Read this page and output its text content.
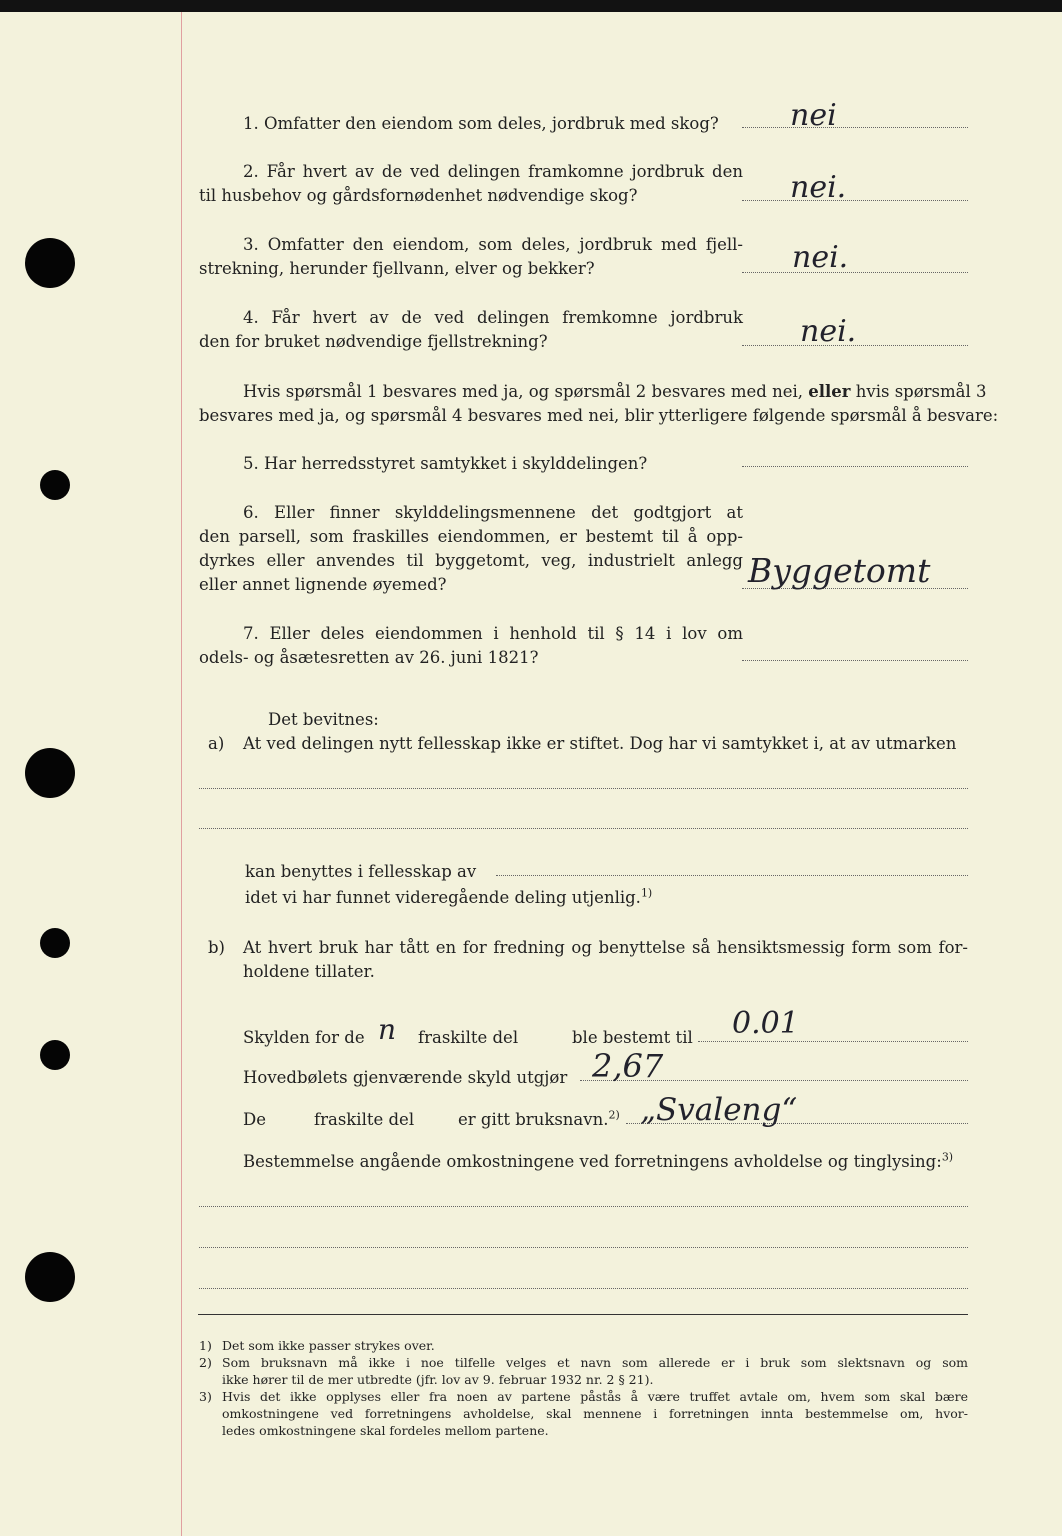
1. Omfatter den eiendom som deles, jordbruk med skog? nei
2. Får hvert av de ved delingen framkomne jordbruk den
til husbehov og gårdsfornødenhet nødvendige skog?	nei.
3. Omfatter den eiendom, som deles, jordbruk med fjell-
strekning, herunder fjellvann, elver og bekker?	nei.
4. Får hvert av de ved delingen fremkomne jordbruk
den for bruket nødvendige fjellstrekning?	nei.
Hvis spørsmål 1 besvares med ja, og spørsmål 2 besvares med nei, eller hvis spørsmål 3
besvares med ja, og spørsmål 4 besvares med nei, blir ytterligere følgende spørsmål å besvare:
5. Har herredsstyret samtykket i skylddelingen?
6. Eller finner skylddelingsmennene det godtgjort at
den parsell, som fraskilles eiendommen, er bestemt til å opp-
dyrkes eller anvendes til byggetomt, veg, industrielt anlegg
eller annet lignende øyemed?	Byggetomt
7. Eller deles eiendommen i henhold til § 14 i lov om
odels- og åsætesretten av 26. juni 1821?
Det bevitnes:
a) At ved delingen nytt fellesskap ikke er stiftet. Dog har vi samtykket i, at av utmarken
kan benyttes i fellesskap av
idet vi har funnet videregående deling utjenlig.$^{1)}$
b) At hvert bruk har tått en for fredning og benyttelse så hensiktsmessig form som for-
holdene tillater.
Skylden for de n fraskilte del	ble bestemt til 0.01
Hovedbølets gjenværende skyld utgjør 2,67
De	fraskilte del	er gitt bruksnavn.$^{2)}$ „Svaleng“
Bestemmelse angående omkostningene ved forretningens avholdelse og tinglysing:$^{3)}$
1) Det som ikke passer strykes over.
2) Som bruksnavn må ikke i noe tilfelle velges et navn som allerede er i bruk som slektsnavn og som
ikke hører til de mer utbredte (jfr. lov av 9. februar 1932 nr. 2 § 21).
3) Hvis det ikke opplyses eller fra noen av partene påstås å være truffet avtale om, hvem som skal bære
omkostningene ved forretningens avholdelse, skal mennene i forretningen innta bestemmelse om, hvor-
ledes omkostningene skal fordeles mellom partene.
